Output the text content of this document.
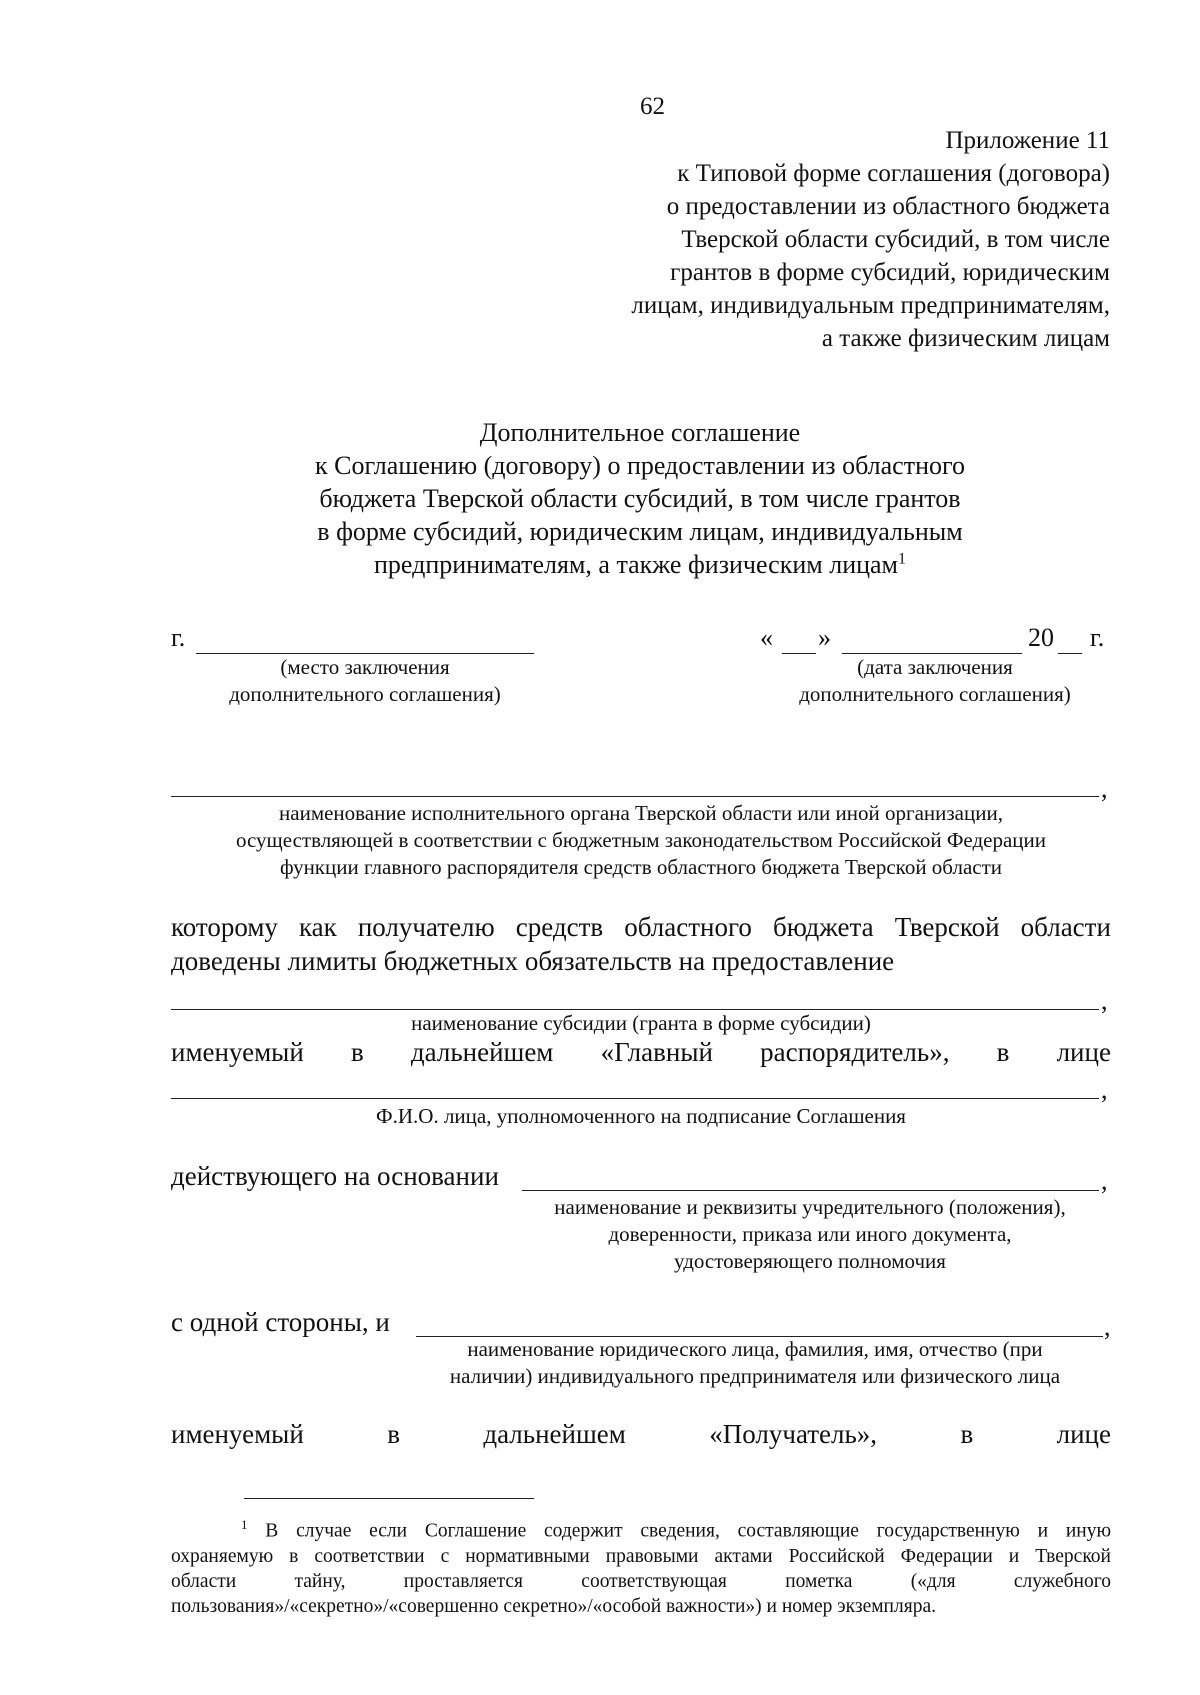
62
Приложение 11
к Типовой форме соглашения (договора)
о предоставлении из областного бюджета
Тверской области субсидий, в том числе
грантов в форме субсидий, юридическим
лицам, индивидуальным предпринимателям,
а также физическим лицам
Дополнительное соглашение
к Соглашению (договору) о предоставлении из областного
бюджета Тверской области субсидий, в том числе грантов
в форме субсидий, юридическим лицам, индивидуальным
предпринимателям, а также физическим лицам$^1$
г.
(место заключения
дополнительного соглашения)
« »	20 г.
(дата заключения
дополнительного соглашения)
,
наименование исполнительного органа Тверской области или иной организации,
осуществляющей в соответствии с бюджетным законодательством Российской Федерации
функции главного распорядителя средств областного бюджета Тверской области
которому как получателю средств областного бюджета Тверской области
доведены лимиты бюджетных обязательств на предоставление
,
наименование субсидии (гранта в форме субсидии)
именуемый в дальнейшем «Главный распорядитель», в лице
,
Ф.И.О. лица, уполномоченного на подписание Соглашения
действующего на основании	,
наименование и реквизиты учредительного (положения),
доверенности, приказа или иного документа,
удостоверяющего полномочия
с одной стороны, и	,
наименование юридического лица, фамилия, имя, отчество (при
наличии) индивидуального предпринимателя или физического лица
именуемый	в	дальнейшем	«Получатель»,	в	лице
$^1$ В случае если Соглашение содержит сведения, составляющие государственную и иную
охраняемую в соответствии с нормативными правовыми актами Российской Федерации и Тверской
области тайну, проставляется соответствующая пометка («для служебного
пользования»/«секретно»/«совершенно секретно»/«особой важности») и номер экземпляра.
